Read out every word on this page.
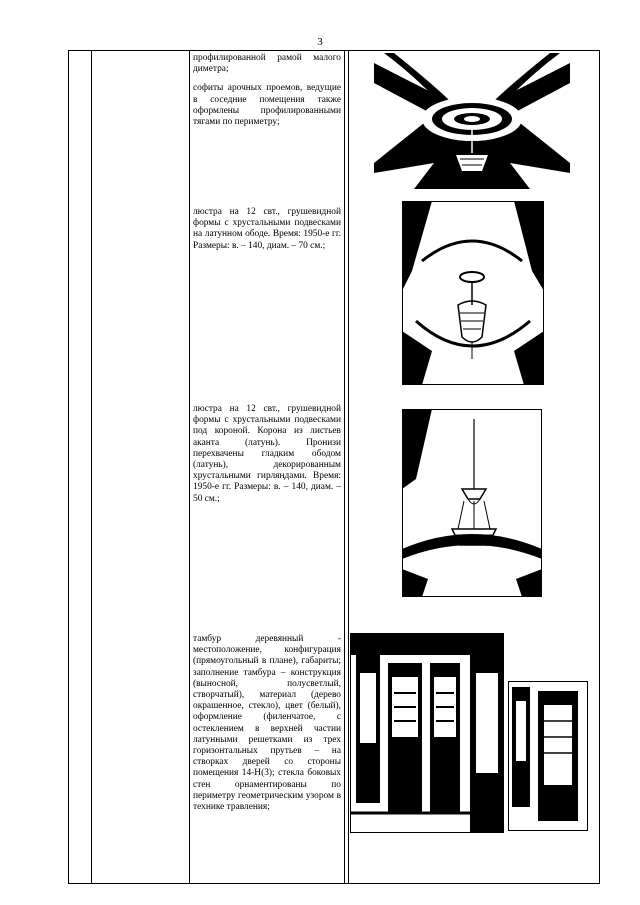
3

профилированной рамой малого диметра;

софиты арочных проемов, ведущие в соседние помещения также оформлены профилированными тягами по периметру;

люстра на 12 свт., грушевидной формы с хрустальными подвесками на латунном ободе. Время: 1950-е гг. Размеры: в. – 140, диам. – 70 см.;

люстра на 12 свт., грушевидной формы с хрустальными подвесками под короной. Корона из листьев аканта (латунь). Пронизи перехвачены гладким ободом (латунь), декорированным хрустальными гирляндами. Время: 1950-е гг. Размеры: в. – 140, диам. – 50 см.;

тамбур деревянный - местоположение, конфигурация (прямоугольный в плане), габариты; заполнение тамбура – конструкция (выносной, полусветлый, створчатый), материал (дерево окрашенное, стекло), цвет (белый), оформление (филенчатое, с остеклением в верхней частии латунными решетками из трех горизонтальных прутьев – на створках дверей со стороны помещения 14-Н(3); стекла боковых стен орнаментированы по периметру геометрическим узором в технике травления;
